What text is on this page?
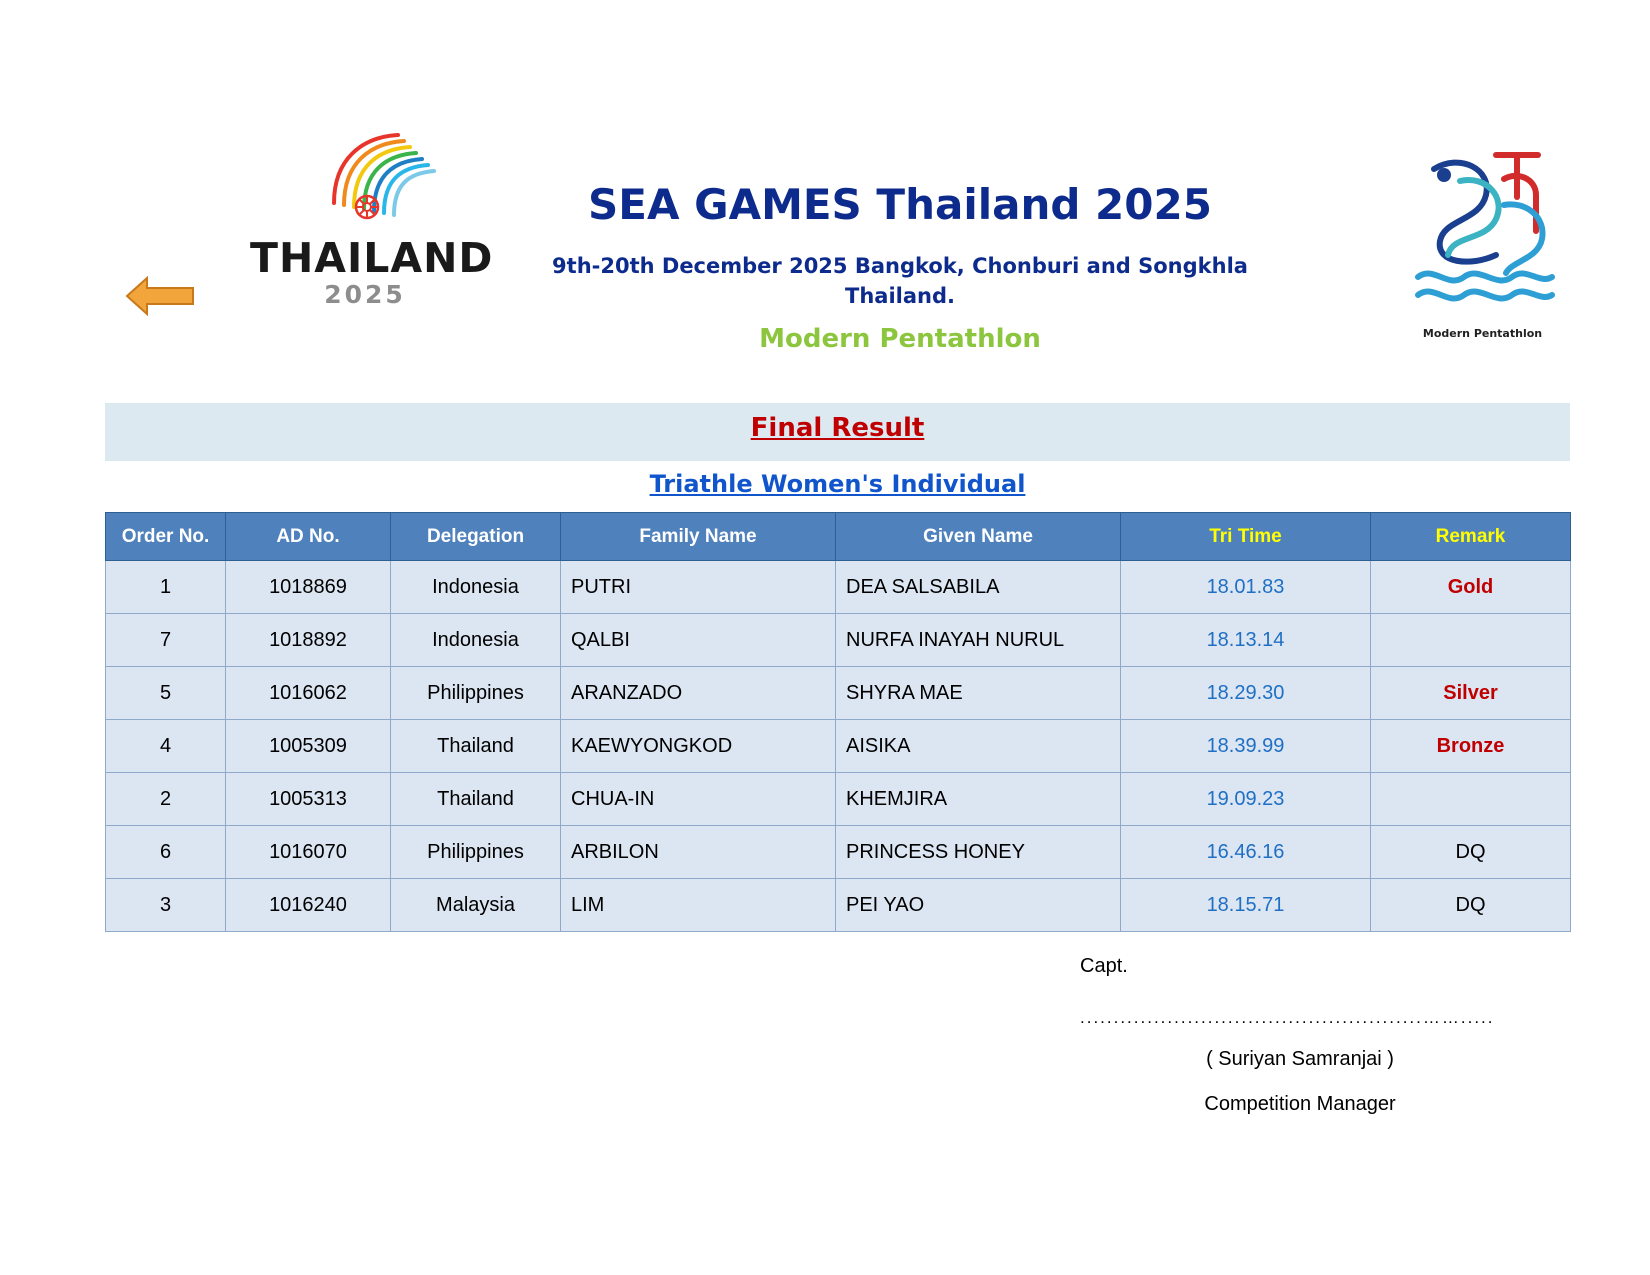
THAILAND
2025
SEA GAMES Thailand 2025
9th-20th December 2025 Bangkok, Chonburi and Songkhla
Thailand.
Modern Pentathlon	Modern Pentathlon
Final Result
Triathle Women's Individual
Order No.	AD No.	Delegation	Family Name	Given Name	Tri Time	Remark
1	1018869	Indonesia	PUTRI	DEA SALSABILA	18.01.83	Gold
7	1018892	Indonesia	QALBI	NURFA INAYAH NURUL	18.13.14	
5	1016062	Philippines	ARANZADO	SHYRA MAE	18.29.30	Silver
4	1005309	Thailand	KAEWYONGKOD	AISIKA	18.39.99	Bronze
2	1005313	Thailand	CHUA-IN	KHEMJIRA	19.09.23	
6	1016070	Philippines	ARBILON	PRINCESS HONEY	16.46.16	DQ
3	1016240	Malaysia	LIM	PEI YAO	18.15.71	DQ
Capt.
...................................................…….....
( Suriyan Samranjai )
Competition Manager
